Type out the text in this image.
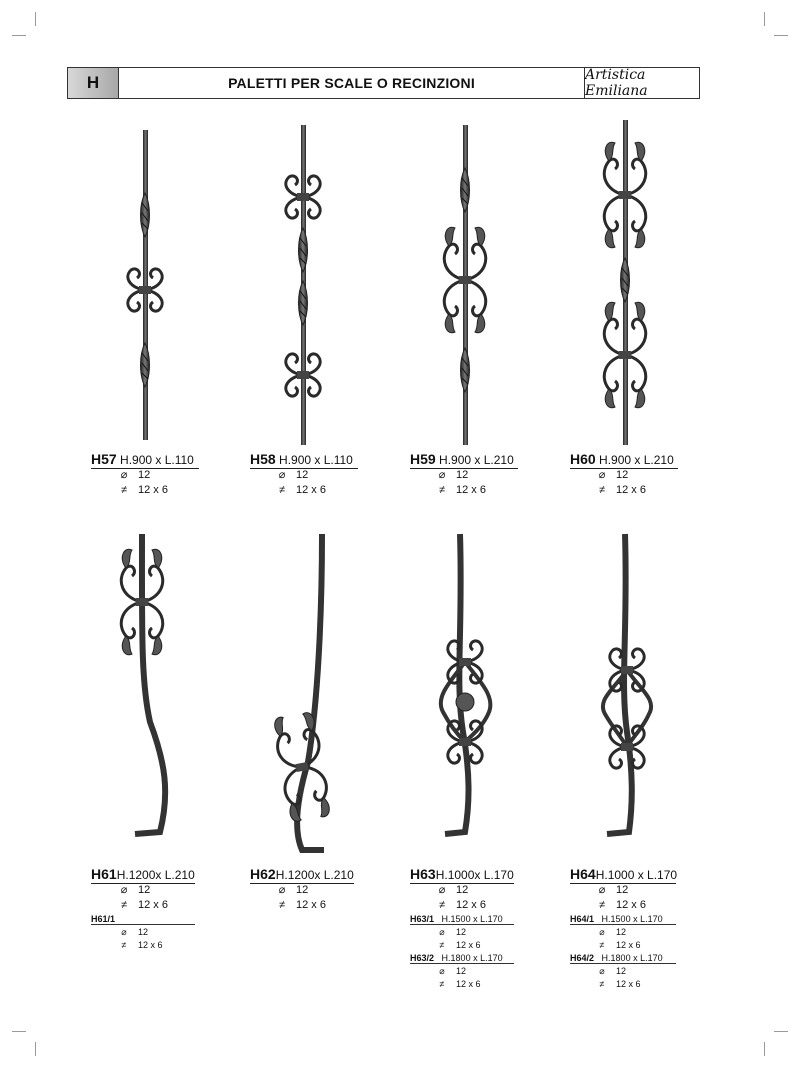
H	PALETTI PER SCALE O RECINZIONI	Artistica Emiliana
H57 H.900 x L.110
⌀ 12
≠ 12 x 6
H58 H.900 x L.110
⌀ 12
≠ 12 x 6
H59 H.900 x L.210
⌀ 12
≠ 12 x 6
H60 H.900 x L.210
⌀ 12
≠ 12 x 6
H61H.1200x L.210
⌀ 12
≠ 12 x 6
H61/1
⌀ 12
≠ 12 x 6
H62H.1200x L.210
⌀ 12
≠ 12 x 6
H63H.1000x L.170
⌀ 12
≠ 12 x 6
H63/1 H.1500 x L.170
⌀ 12
≠ 12 x 6
H63/2 H.1800 x L.170
⌀ 12
≠ 12 x 6
H64H.1000 x L.170
⌀ 12
≠ 12 x 6
H64/1 H.1500 x L.170
⌀ 12
≠ 12 x 6
H64/2 H.1800 x L.170
⌀ 12
≠ 12 x 6
